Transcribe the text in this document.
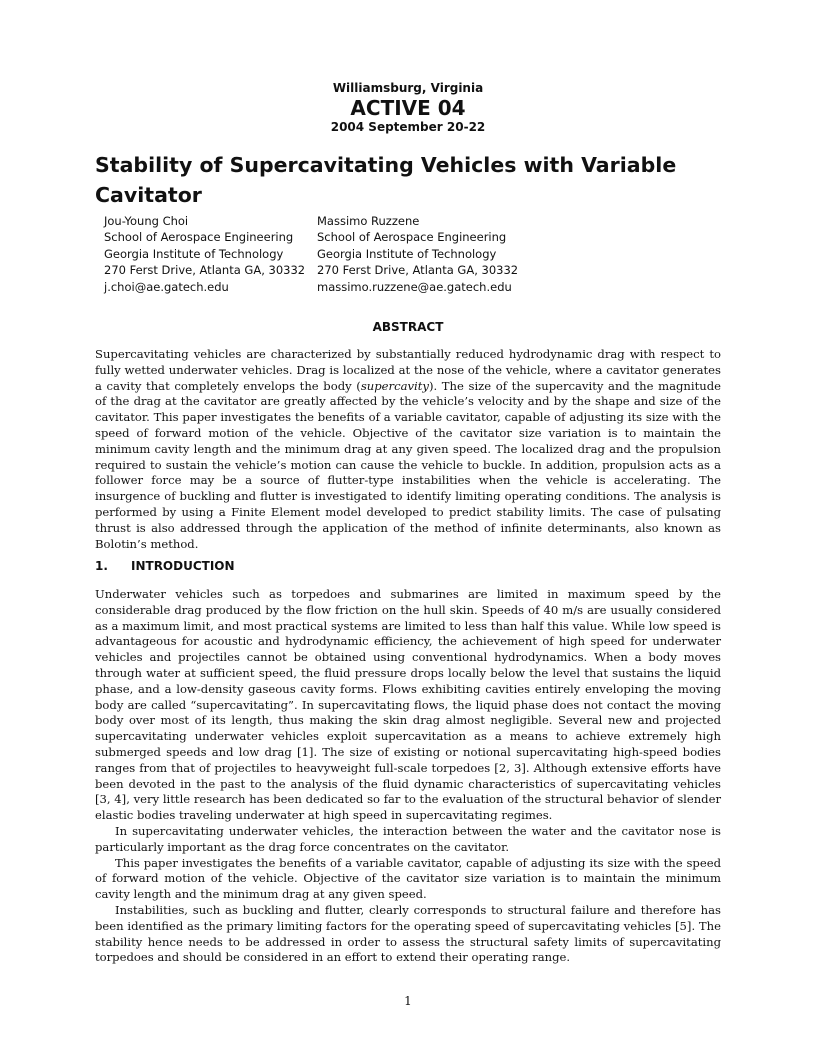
Williamsburg, Virginia
ACTIVE 04
2004 September 20-22
Stability of Supercavitating Vehicles with Variable Cavitator
Jou-Young Choi
School of Aerospace Engineering
Georgia Institute of Technology
270 Ferst Drive, Atlanta GA, 30332
j.choi@ae.gatech.edu
Massimo Ruzzene
School of Aerospace Engineering
Georgia Institute of Technology
270 Ferst Drive, Atlanta GA, 30332
massimo.ruzzene@ae.gatech.edu
ABSTRACT

Supercavitating vehicles are characterized by substantially reduced hydrodynamic drag with respect to fully wetted underwater vehicles. Drag is localized at the nose of the vehicle, where a cavitator generates a cavity that completely envelops the body (supercavity). The size of the supercavity and the magnitude of the drag at the cavitator are greatly affected by the vehicle’s velocity and by the shape and size of the cavitator. This paper investigates the benefits of a variable cavitator, capable of adjusting its size with the speed of forward motion of the vehicle. Objective of the cavitator size variation is to maintain the minimum cavity length and the minimum drag at any given speed. The localized drag and the propulsion required to sustain the vehicle’s motion can cause the vehicle to buckle. In addition, propulsion acts as a follower force may be a source of flutter-type instabilities when the vehicle is accelerating. The insurgence of buckling and flutter is investigated to identify limiting operating conditions. The analysis is performed by using a Finite Element model developed to predict stability limits. The case of pulsating thrust is also addressed through the application of the method of infinite determinants, also known as Bolotin’s method.

1. INTRODUCTION

Underwater vehicles such as torpedoes and submarines are limited in maximum speed by the considerable drag produced by the flow friction on the hull skin. Speeds of 40 m/s are usually considered as a maximum limit, and most practical systems are limited to less than half this value. While low speed is advantageous for acoustic and hydrodynamic efficiency, the achievement of high speed for underwater vehicles and projectiles cannot be obtained using conventional hydrodynamics. When a body moves through water at sufficient speed, the fluid pressure drops locally below the level that sustains the liquid phase, and a low-density gaseous cavity forms. Flows exhibiting cavities entirely enveloping the moving body are called “supercavitating”. In supercavitating flows, the liquid phase does not contact the moving body over most of its length, thus making the skin drag almost negligible. Several new and projected supercavitating underwater vehicles exploit supercavitation as a means to achieve extremely high submerged speeds and low drag [1]. The size of existing or notional supercavitating high-speed bodies ranges from that of projectiles to heavyweight full-scale torpedoes [2, 3]. Although extensive efforts have been devoted in the past to the analysis of the fluid dynamic characteristics of supercavitating vehicles [3, 4], very little research has been dedicated so far to the evaluation of the structural behavior of slender elastic bodies traveling underwater at high speed in supercavitating regimes.

In supercavitating underwater vehicles, the interaction between the water and the cavitator nose is particularly important as the drag force concentrates on the cavitator.

This paper investigates the benefits of a variable cavitator, capable of adjusting its size with the speed of forward motion of the vehicle. Objective of the cavitator size variation is to maintain the minimum cavity length and the minimum drag at any given speed.

Instabilities, such as buckling and flutter, clearly corresponds to structural failure and therefore has been identified as the primary limiting factors for the operating speed of supercavitating vehicles [5]. The stability hence needs to be addressed in order to assess the structural safety limits of supercavitating torpedoes and should be considered in an effort to extend their operating range.

1
